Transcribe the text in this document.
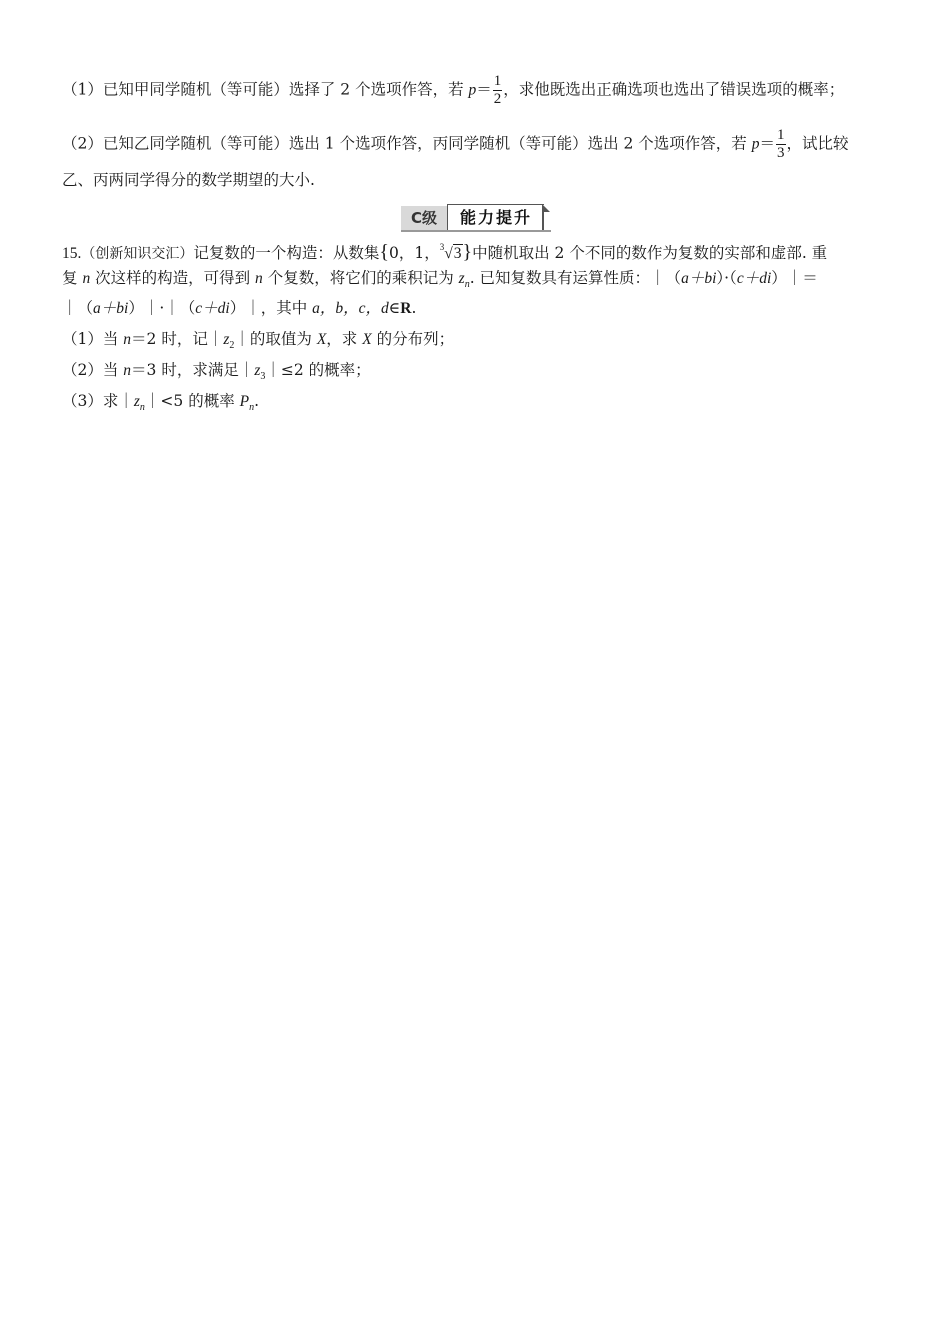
（1）已知甲同学随机（等可能）选择了 2 个选项作答，若 $p= \frac{1}{2}$ ，求他既选出正确选项也选出了错误选项的概率；
（2）已知乙同学随机（等可能）选出 1 个选项作答，丙同学随机（等可能）选出 2 个选项作答，若 $p= \frac{1}{3}$ ，试比较
乙、丙两同学得分的数学期望的大小.
C级	能力提升
15.（创新知识交汇）记复数的一个构造：从数集{0，1，$^3$√3}中随机取出 2 个不同的数作为复数的实部和虚部. 重
复 n 次这样的构造，可得到 n 个复数，将它们的乘积记为 $z_n$. 已知复数具有运算性质：｜（a＋bi）·（c＋di）｜＝
｜（a＋bi）｜·｜（c＋di）｜，其中 a，b，c，d∈R.
（1）当 n＝2 时，记$|z_2|$的取值为 X，求 X 的分布列；
（2）当 n＝3 时，求满足$|z_3|\le 2$ 的概率；
（3）求$|z_n|<5$ 的概率 $P_n$.
